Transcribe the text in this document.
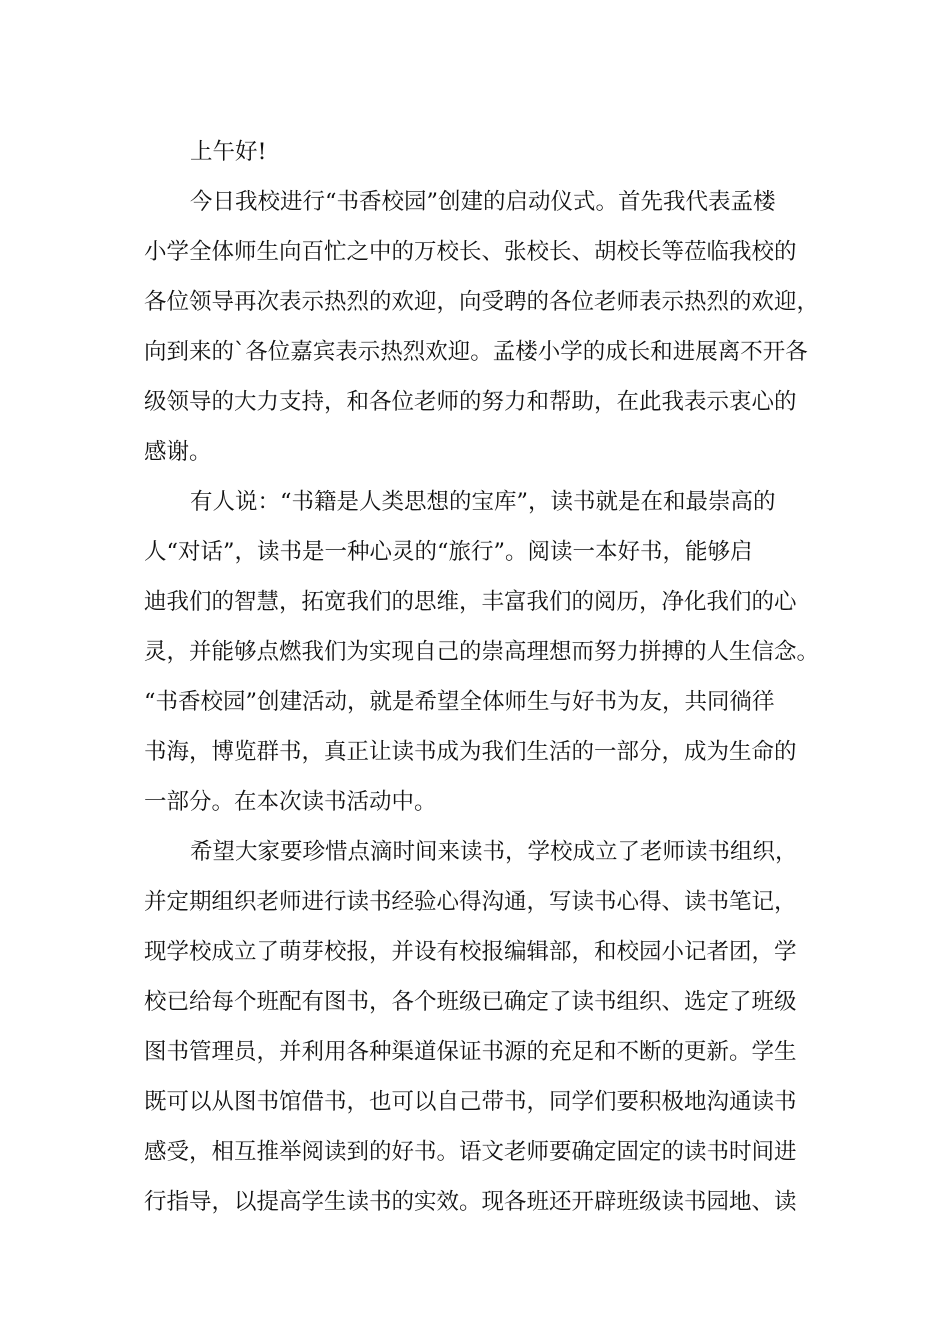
上午好!
今日我校进行“书香校园”创建的启动仪式。首先我代表孟楼
小学全体师生向百忙之中的万校长、张校长、胡校长等莅临我校的
各位领导再次表示热烈的欢迎，向受聘的各位老师表示热烈的欢迎，
向到来的`各位嘉宾表示热烈欢迎。孟楼小学的成长和进展离不开各
级领导的大力支持，和各位老师的努力和帮助，在此我表示衷心的
感谢。
有人说：“书籍是人类思想的宝库”，读书就是在和最崇高的
人“对话”，读书是一种心灵的“旅行”。阅读一本好书，能够启
迪我们的智慧，拓宽我们的思维，丰富我们的阅历，净化我们的心
灵，并能够点燃我们为实现自己的崇高理想而努力拼搏的人生信念。
“书香校园”创建活动，就是希望全体师生与好书为友，共同徜徉
书海，博览群书，真正让读书成为我们生活的一部分，成为生命的
一部分。在本次读书活动中。
希望大家要珍惜点滴时间来读书，学校成立了老师读书组织，
并定期组织老师进行读书经验心得沟通，写读书心得、读书笔记，
现学校成立了萌芽校报，并设有校报编辑部，和校园小记者团，学
校已给每个班配有图书，各个班级已确定了读书组织、选定了班级
图书管理员，并利用各种渠道保证书源的充足和不断的更新。学生
既可以从图书馆借书，也可以自己带书，同学们要积极地沟通读书
感受，相互推举阅读到的好书。语文老师要确定固定的读书时间进
行指导，以提高学生读书的实效。现各班还开辟班级读书园地、读
